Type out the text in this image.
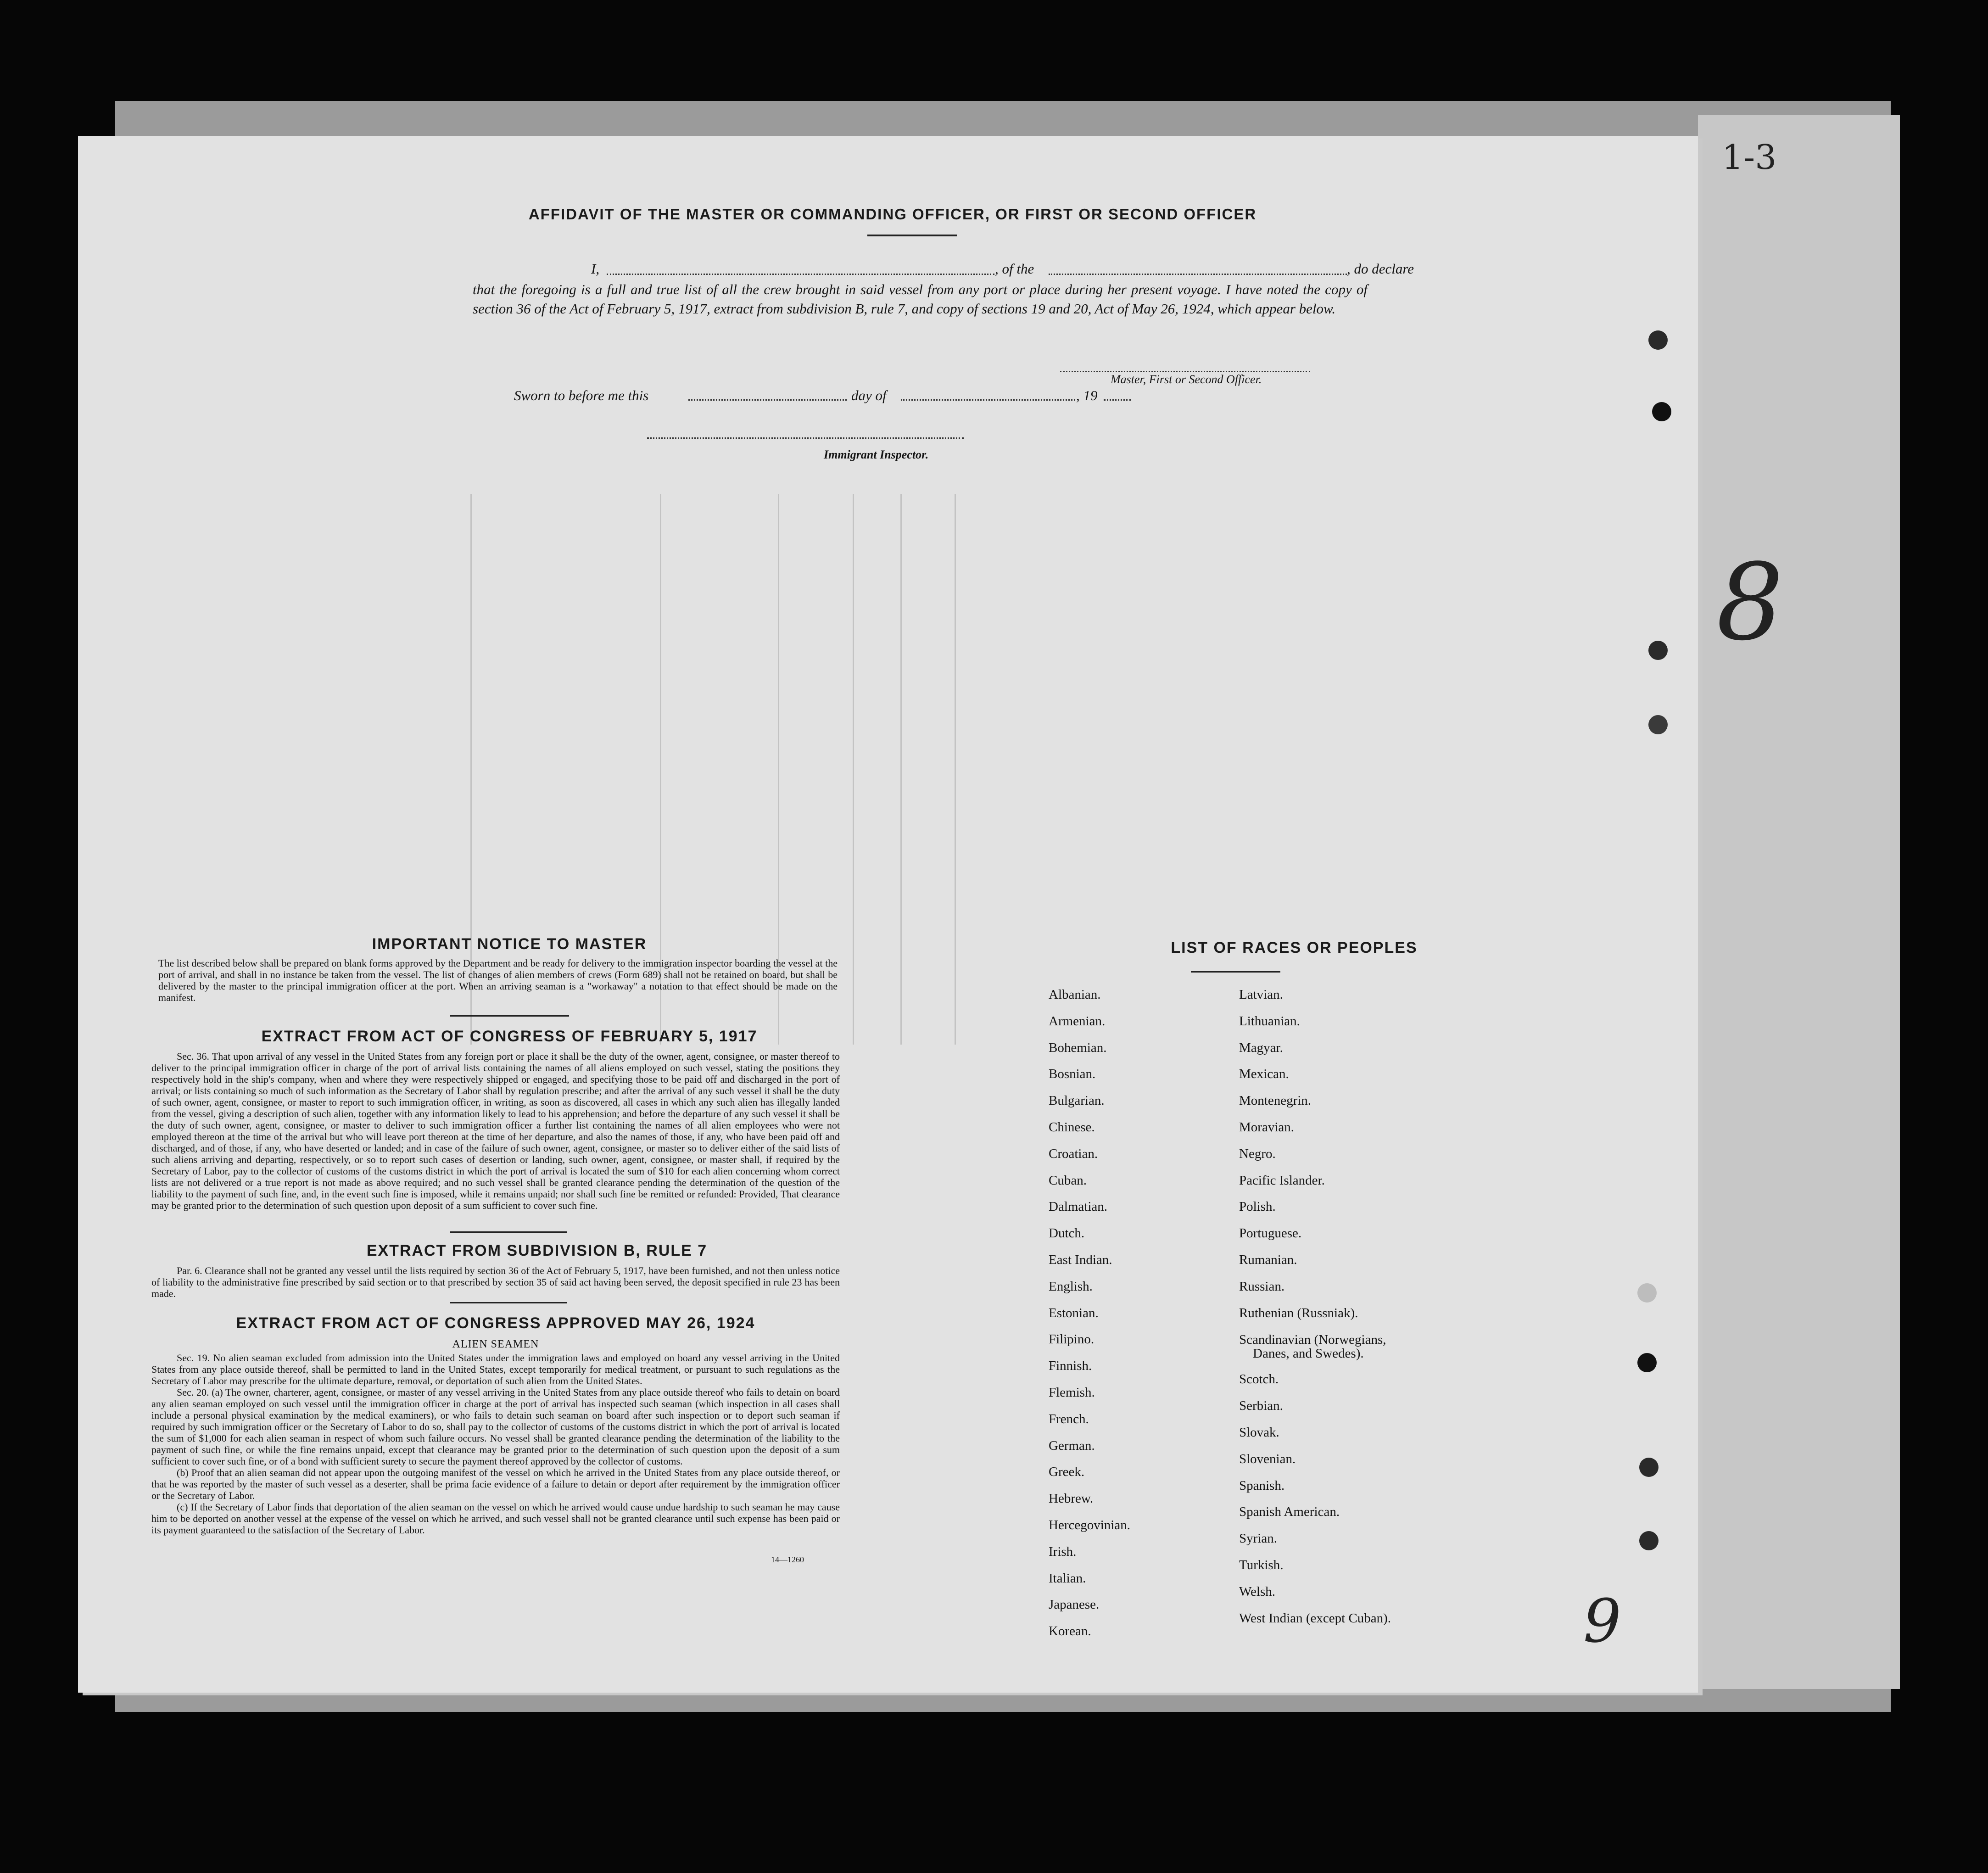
1-3
8
AFFIDAVIT OF THE MASTER OR COMMANDING OFFICER, OR FIRST OR SECOND OFFICER
I,	, of the	, do declare
that the foregoing is a full and true list of all the crew brought in said vessel from any port or place during her present voyage. I have noted the copy of section 36 of the Act of February 5, 1917, extract from subdivision B, rule 7, and copy of sections 19 and 20, Act of May 26, 1924, which appear below.
Master, First or Second Officer.
Sworn to before me this	day of	, 19
Immigrant Inspector.
IMPORTANT NOTICE TO MASTER
The list described below shall be prepared on blank forms approved by the Department and be ready for delivery to the immigration inspector boarding the vessel at the port of arrival, and shall in no instance be taken from the vessel. The list of changes of alien members of crews (Form 689) shall not be retained on board, but shall be delivered by the master to the principal immigration officer at the port. When an arriving seaman is a "workaway" a notation to that effect should be made on the manifest.
EXTRACT FROM ACT OF CONGRESS OF FEBRUARY 5, 1917
Sec. 36. That upon arrival of any vessel in the United States from any foreign port or place it shall be the duty of the owner, agent, consignee, or master thereof to deliver to the principal immigration officer in charge of the port of arrival lists containing the names of all aliens employed on such vessel, stating the positions they respectively hold in the ship's company, when and where they were respectively shipped or engaged, and specifying those to be paid off and discharged in the port of arrival; or lists containing so much of such information as the Secretary of Labor shall by regulation prescribe; and after the arrival of any such vessel it shall be the duty of such owner, agent, consignee, or master to report to such immigration officer, in writing, as soon as discovered, all cases in which any such alien has illegally landed from the vessel, giving a description of such alien, together with any information likely to lead to his apprehension; and before the departure of any such vessel it shall be the duty of such owner, agent, consignee, or master to deliver to such immigration officer a further list containing the names of all alien employees who were not employed thereon at the time of the arrival but who will leave port thereon at the time of her departure, and also the names of those, if any, who have been paid off and discharged, and of those, if any, who have deserted or landed; and in case of the failure of such owner, agent, consignee, or master so to deliver either of the said lists of such aliens arriving and departing, respectively, or so to report such cases of desertion or landing, such owner, agent, consignee, or master shall, if required by the Secretary of Labor, pay to the collector of customs of the customs district in which the port of arrival is located the sum of $10 for each alien concerning whom correct lists are not delivered or a true report is not made as above required; and no such vessel shall be granted clearance pending the determination of the question of the liability to the payment of such fine, and, in the event such fine is imposed, while it remains unpaid; nor shall such fine be remitted or refunded: Provided, That clearance may be granted prior to the determination of such question upon deposit of a sum sufficient to cover such fine.
EXTRACT FROM SUBDIVISION B, RULE 7
Par. 6. Clearance shall not be granted any vessel until the lists required by section 36 of the Act of February 5, 1917, have been furnished, and not then unless notice of liability to the administrative fine prescribed by said section or to that prescribed by section 35 of said act having been served, the deposit specified in rule 23 has been made.
EXTRACT FROM ACT OF CONGRESS APPROVED MAY 26, 1924
ALIEN SEAMEN
Sec. 19. No alien seaman excluded from admission into the United States under the immigration laws and employed on board any vessel arriving in the United States from any place outside thereof, shall be permitted to land in the United States, except temporarily for medical treatment, or pursuant to such regulations as the Secretary of Labor may prescribe for the ultimate departure, removal, or deportation of such alien from the United States.
Sec. 20. (a) The owner, charterer, agent, consignee, or master of any vessel arriving in the United States from any place outside thereof who fails to detain on board any alien seaman employed on such vessel until the immigration officer in charge at the port of arrival has inspected such seaman (which inspection in all cases shall include a personal physical examination by the medical examiners), or who fails to detain such seaman on board after such inspection or to deport such seaman if required by such immigration officer or the Secretary of Labor to do so, shall pay to the collector of customs of the customs district in which the port of arrival is located the sum of $1,000 for each alien seaman in respect of whom such failure occurs. No vessel shall be granted clearance pending the determination of the liability to the payment of such fine, or while the fine remains unpaid, except that clearance may be granted prior to the determination of such question upon the deposit of a sum sufficient to cover such fine, or of a bond with sufficient surety to secure the payment thereof approved by the collector of customs.
(b) Proof that an alien seaman did not appear upon the outgoing manifest of the vessel on which he arrived in the United States from any place outside thereof, or that he was reported by the master of such vessel as a deserter, shall be prima facie evidence of a failure to detain or deport after requirement by the immigration officer or the Secretary of Labor.
(c) If the Secretary of Labor finds that deportation of the alien seaman on the vessel on which he arrived would cause undue hardship to such seaman he may cause him to be deported on another vessel at the expense of the vessel on which he arrived, and such vessel shall not be granted clearance until such expense has been paid or its payment guaranteed to the satisfaction of the Secretary of Labor.
14—1260
LIST OF RACES OR PEOPLES
Albanian.
Armenian.
Bohemian.
Bosnian.
Bulgarian.
Chinese.
Croatian.
Cuban.
Dalmatian.
Dutch.
East Indian.
English.
Estonian.
Filipino.
Finnish.
Flemish.
French.
German.
Greek.
Hebrew.
Hercegovinian.
Irish.
Italian.
Japanese.
Korean.
Latvian.
Lithuanian.
Magyar.
Mexican.
Montenegrin.
Moravian.
Negro.
Pacific Islander.
Polish.
Portuguese.
Rumanian.
Russian.
Ruthenian (Russniak).
Scandinavian (Norwegians,
Danes, and Swedes).
Scotch.
Serbian.
Slovak.
Slovenian.
Spanish.
Spanish American.
Syrian.
Turkish.
Welsh.
West Indian (except Cuban).	9
